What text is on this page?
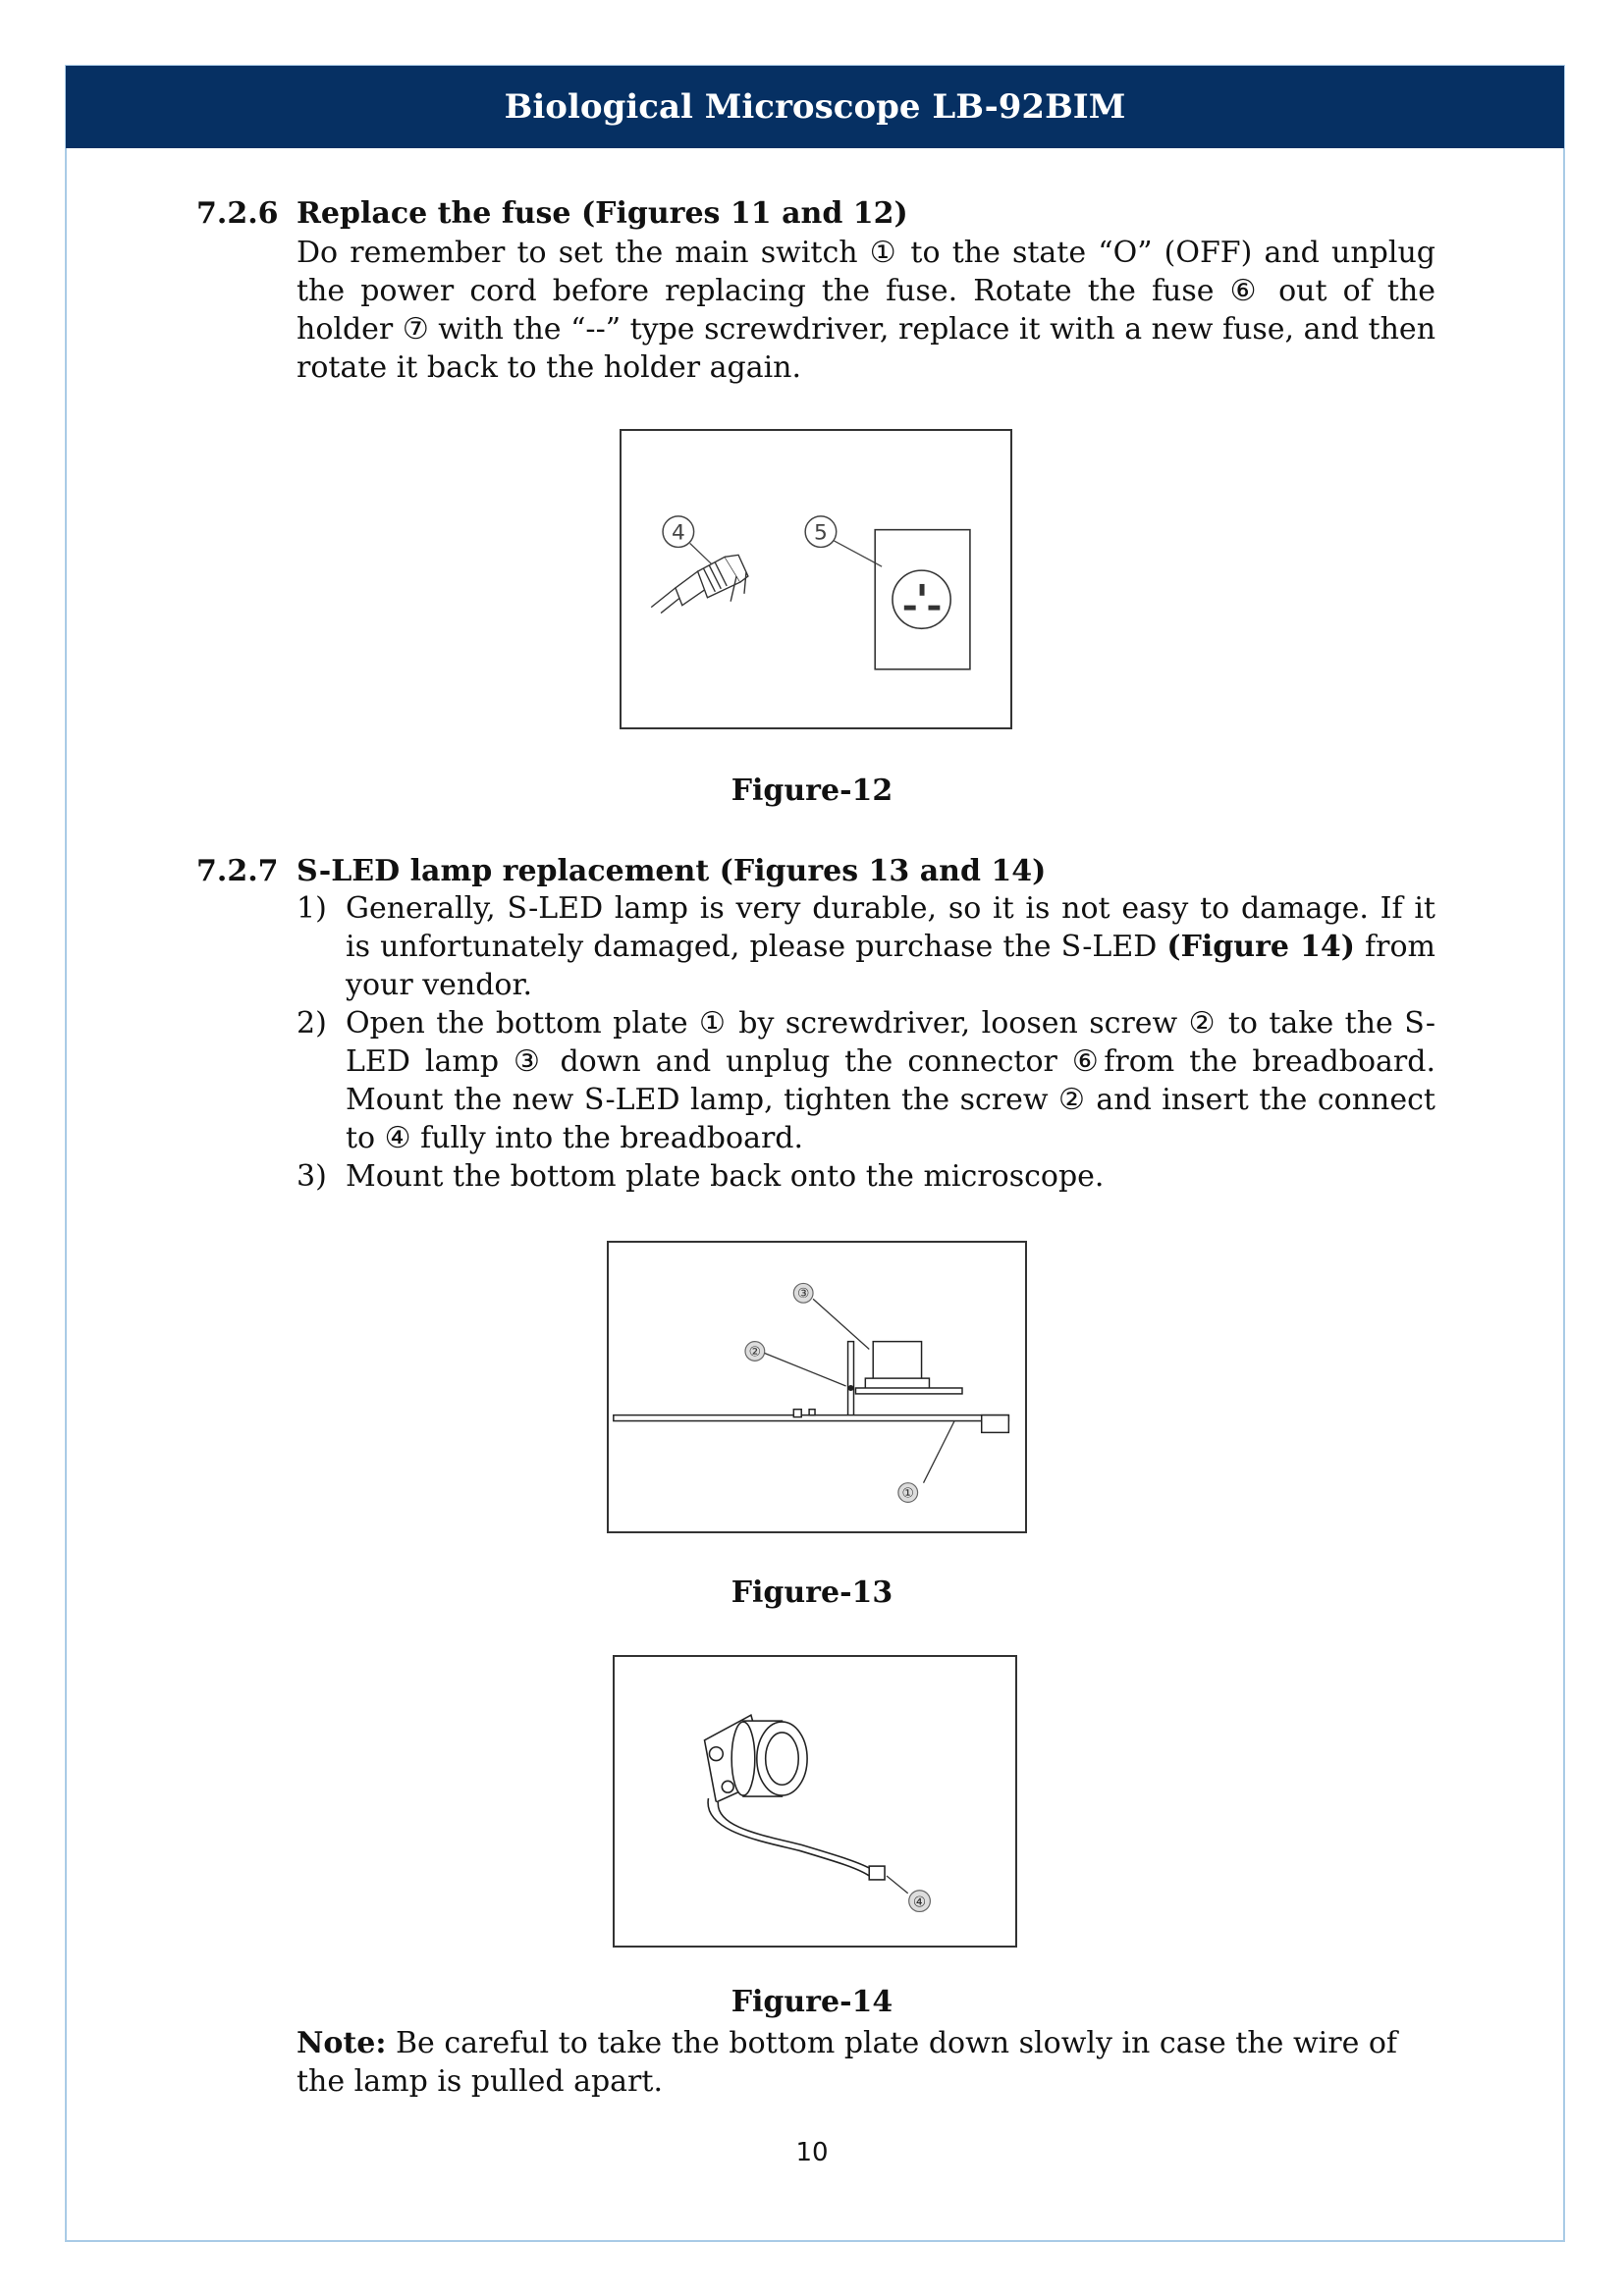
Biological Microscope LB-92BIM
7.2.6 Replace the fuse (Figures 11 and 12)
Do remember to set the main switch ① to the state “O” (OFF) and unplug the power cord before replacing the fuse. Rotate the fuse ⑥ out of the holder ⑦ with the “--” type screwdriver, replace it with a new fuse, and then rotate it back to the holder again.
4	5
Figure-12
7.2.7 S-LED lamp replacement (Figures 13 and 14)
1) Generally, S-LED lamp is very durable, so it is not easy to damage. If it is unfortunately damaged, please purchase the S-LED (Figure 14) from your vendor.
2) Open the bottom plate ① by screwdriver, loosen screw ② to take the S-LED lamp ③ down and unplug the connector ⑥from the breadboard. Mount the new S-LED lamp, tighten the screw ② and insert the connect to ④ fully into the breadboard.
3) Mount the bottom plate back onto the microscope.
③
②
①
Figure-13
④
Figure-14
Note: Be careful to take the bottom plate down slowly in case the wire of the lamp is pulled apart.
10
